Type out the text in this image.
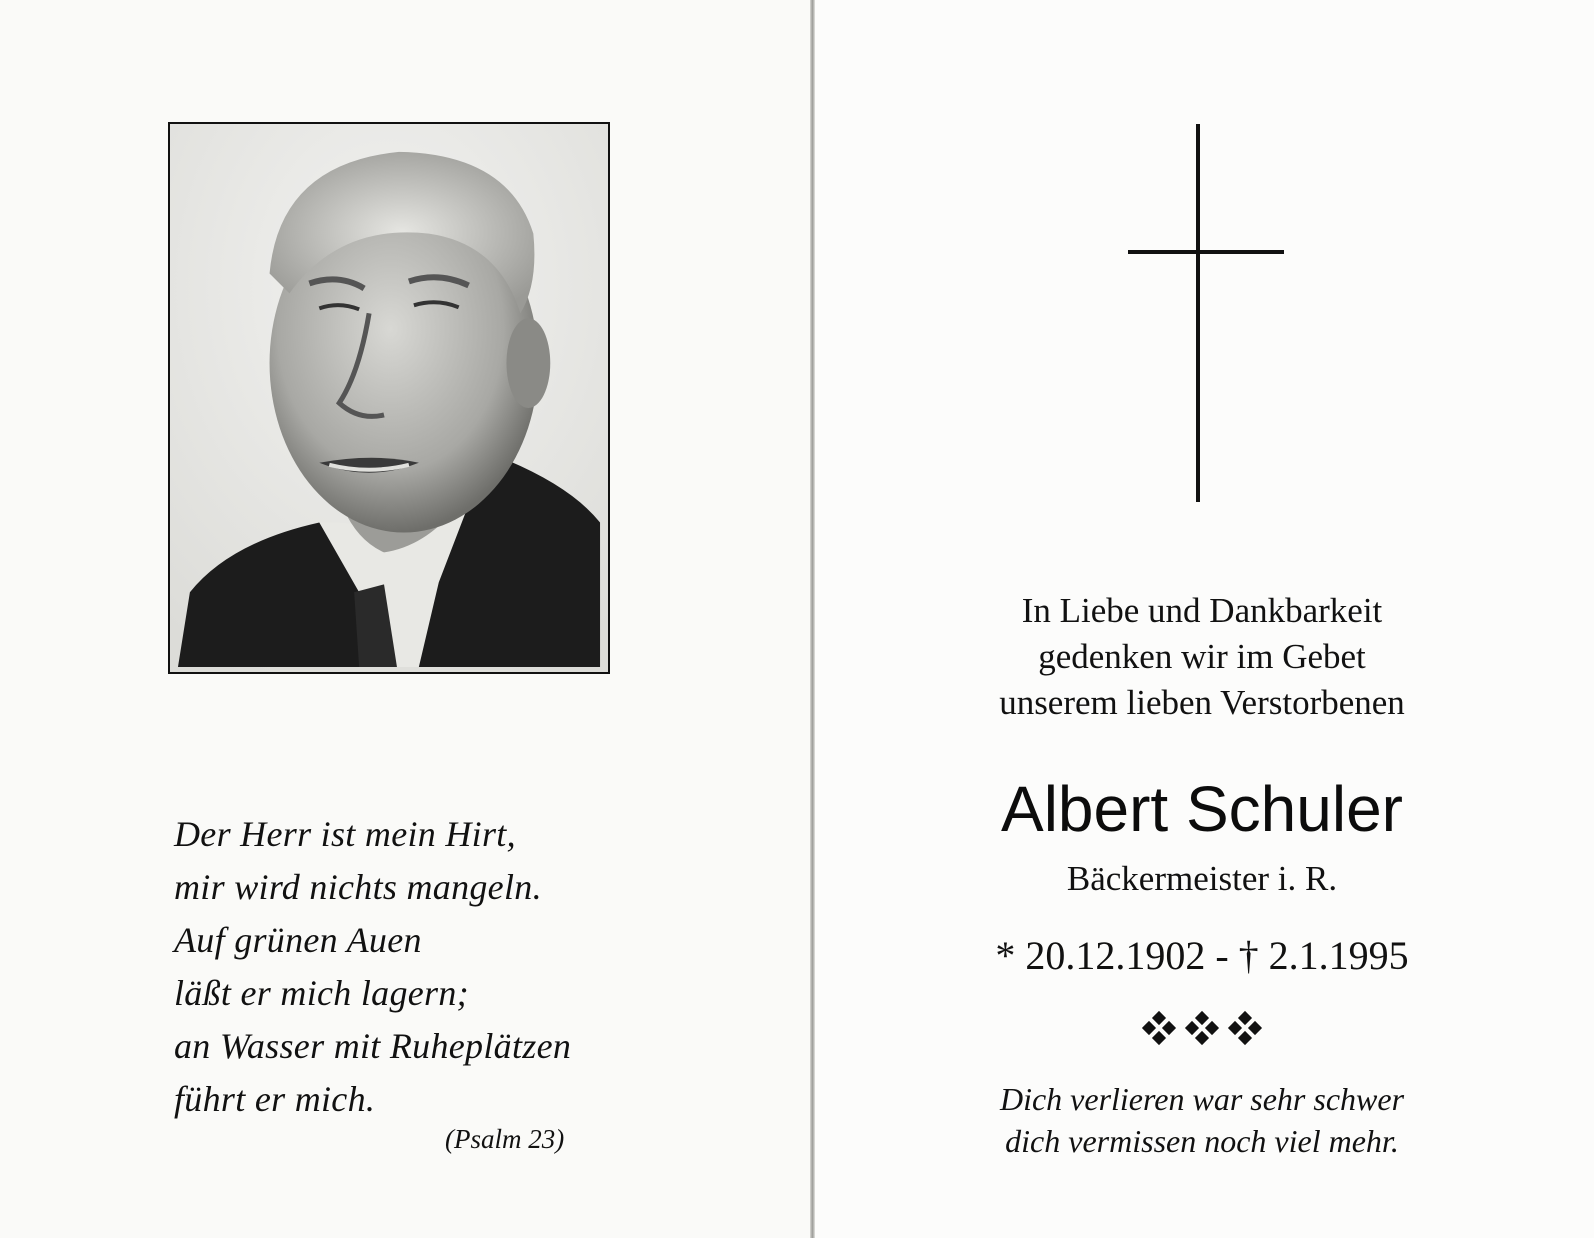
Der Herr ist mein Hirt,
mir wird nichts mangeln.
Auf grünen Auen
läßt er mich lagern;
an Wasser mit Ruheplätzen
führt er mich.
(Psalm 23)
In Liebe und Dankbarkeit
gedenken wir im Gebet
unserem lieben Verstorbenen
Albert Schuler
Bäckermeister i. R.
* 20.12.1902 - † 2.1.1995
Dich verlieren war sehr schwer
dich vermissen noch viel mehr.
